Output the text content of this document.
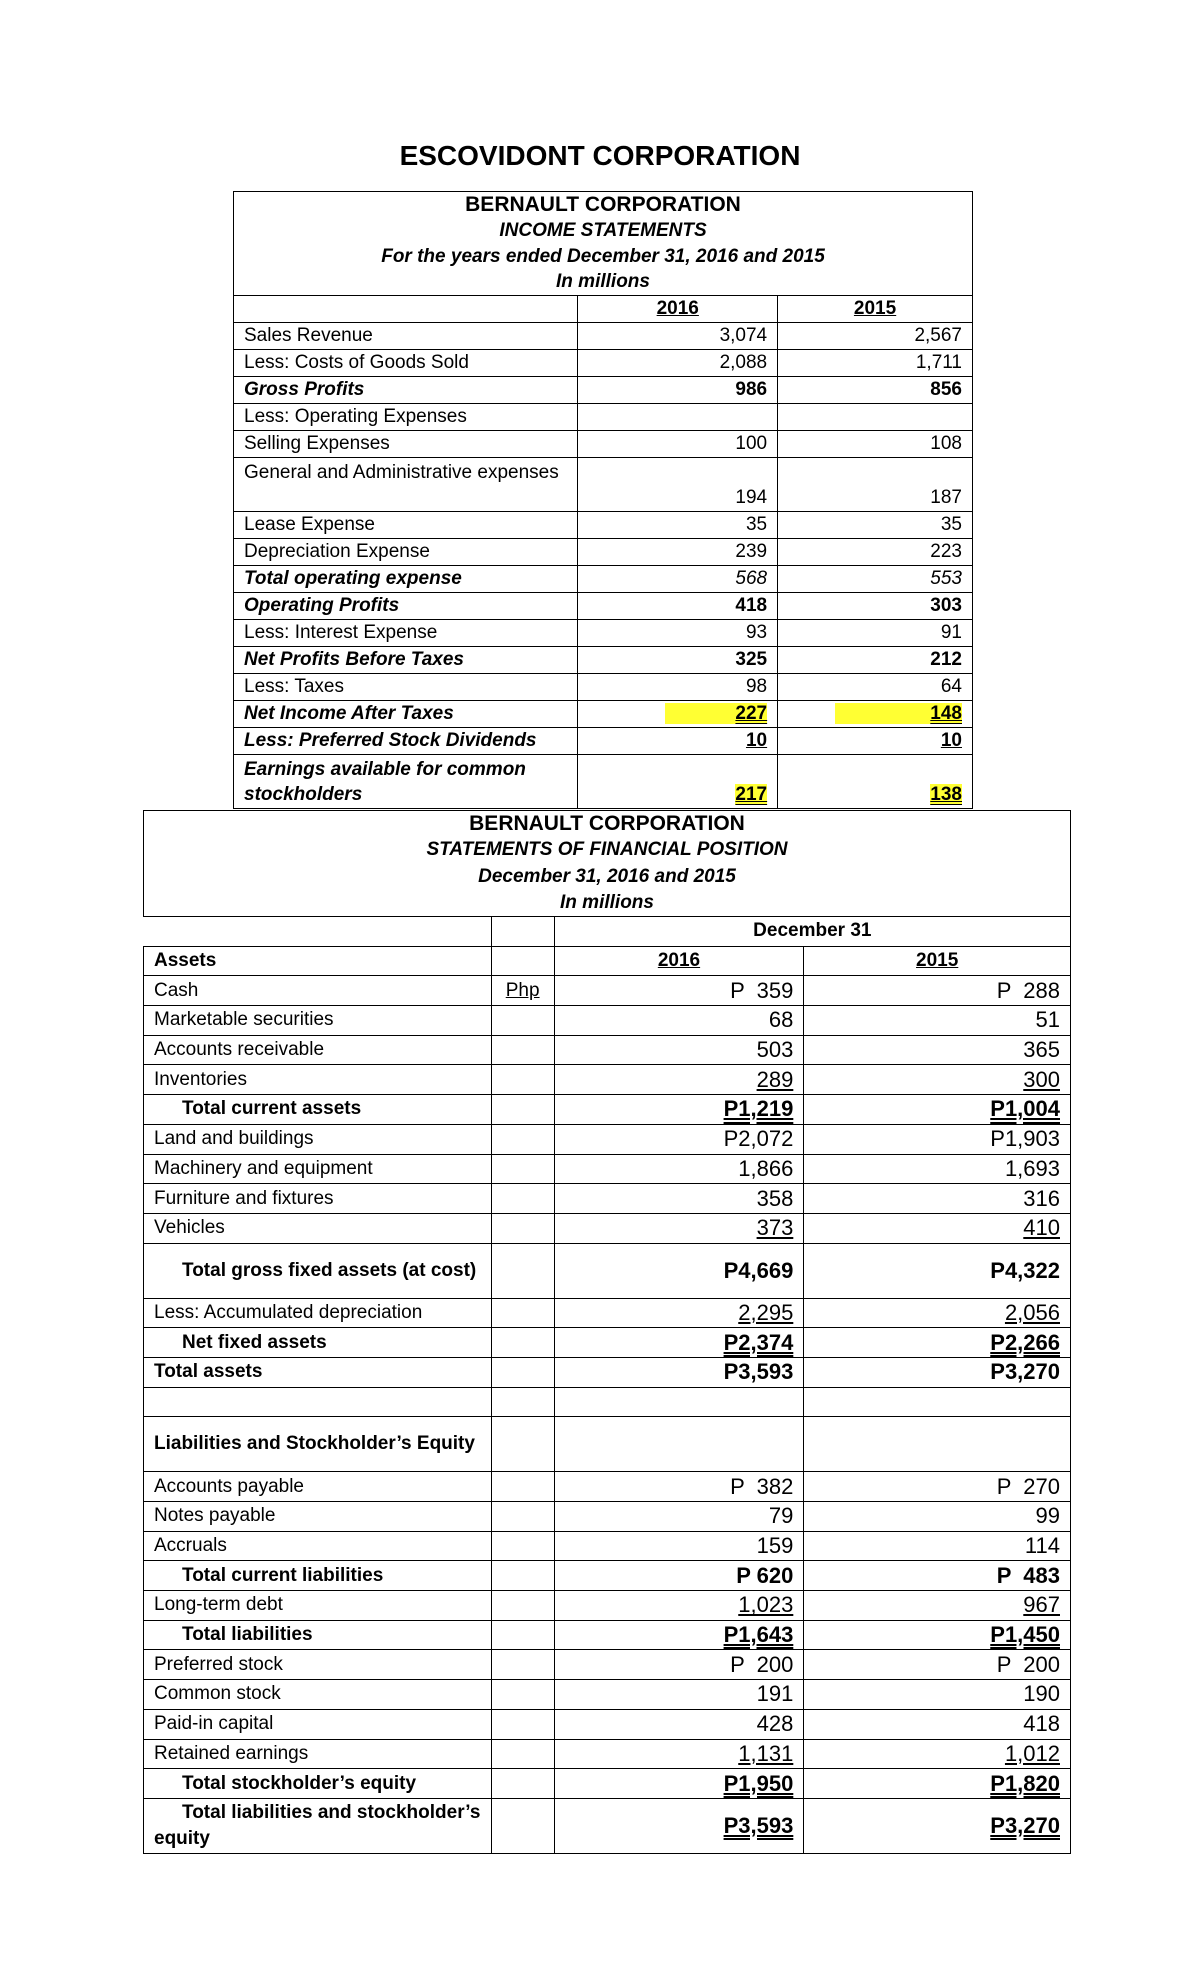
ESCOVIDONT CORPORATION
BERNAULT CORPORATION		
INCOME STATEMENTS		
For the years ended December 31, 2016 and 2015		
In millions		
	2016	2015
Sales Revenue	3,074	2,567
Less: Costs of Goods Sold	2,088	1,711
Gross Profits	986	856
Less: Operating Expenses		
Selling Expenses	100	108
General and Administrative expenses	194	187
Lease Expense	35	35
Depreciation Expense	239	223
Total operating expense	568	553
Operating Profits	418	303
Less: Interest Expense	93	91
Net Profits Before Taxes	325	212
Less: Taxes	98	64
Net Income After Taxes	227	148
Less: Preferred Stock Dividends	10	10
Earnings available for common stockholders	217	138
BERNAULT CORPORATION			
STATEMENTS OF FINANCIAL POSITION			
December 31, 2016 and 2015			
In millions			
		December 31	
Assets		2016	2015
Cash	Php	P  359	P  288
Marketable securities		68	51
Accounts receivable		503	365
Inventories		289	300
Total current assets		P1,219	P1,004
Land and buildings		P2,072	P1,903
Machinery and equipment		1,866	1,693
Furniture and fixtures		358	316
Vehicles		373	410
Total gross fixed assets (at cost)		P4,669	P4,322
Less: Accumulated depreciation		2,295	2,056
Net fixed assets		P2,374	P2,266
Total assets		P3,593	P3,270

Liabilities and Stockholder’s Equity			
Accounts payable		P  382	P  270
Notes payable		79	99
Accruals		159	114
Total current liabilities		P 620	P  483
Long-term debt		1,023	967
Total liabilities		P1,643	P1,450
Preferred stock		P  200	P  200
Common stock		191	190
Paid-in capital		428	418
Retained earnings		1,131	1,012
Total stockholder’s equity		P1,950	P1,820
Total liabilities and stockholder’s equity		P3,593	P3,270
